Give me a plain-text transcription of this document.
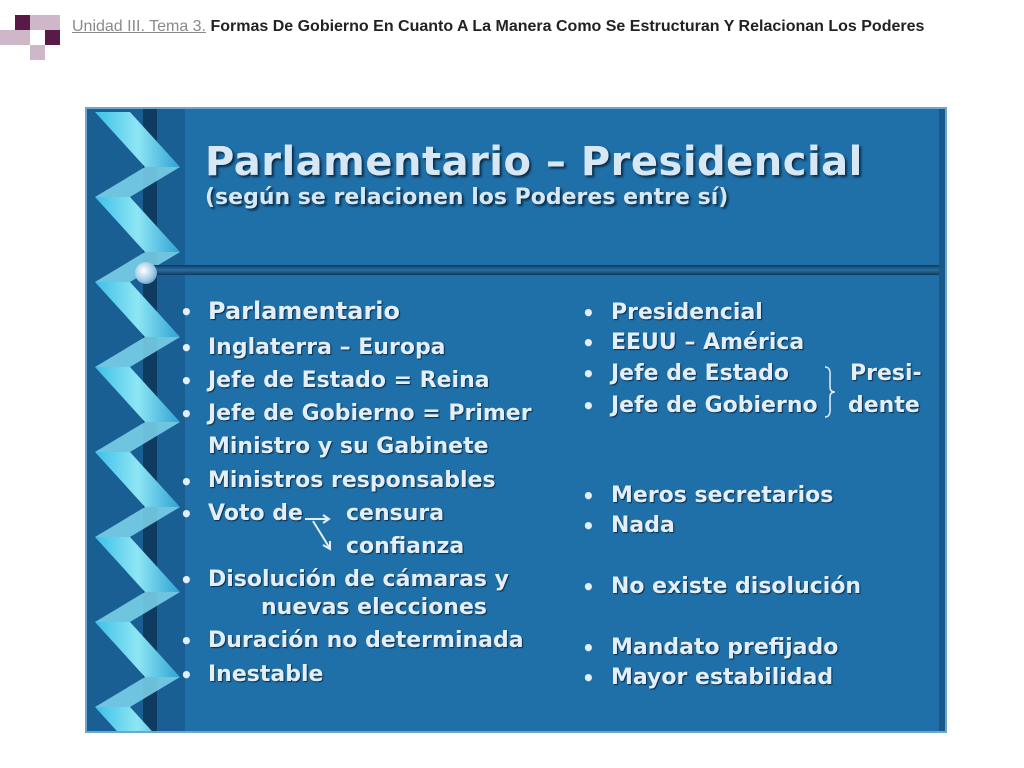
Unidad III. Tema 3. Formas De Gobierno En Cuanto A La Manera Como Se Estructuran Y Relacionan Los Poderes
Parlamentario – Presidencial
(según se relacionen los Poderes entre sí)
• Parlamentario
• Inglaterra – Europa
• Jefe de Estado = Reina
• Jefe de Gobierno = Primer
Ministro y su Gabinete
• Ministros responsables
• Voto de censura
confianza
• Disolución de cámaras y
nuevas elecciones
• Duración no determinada
• Inestable
• Presidencial
• EEUU – América
• Jefe de Estado
• Jefe de Gobierno
Presi-
dente
• Meros secretarios
• Nada
• No existe disolución
• Mandato prefijado
• Mayor estabilidad
